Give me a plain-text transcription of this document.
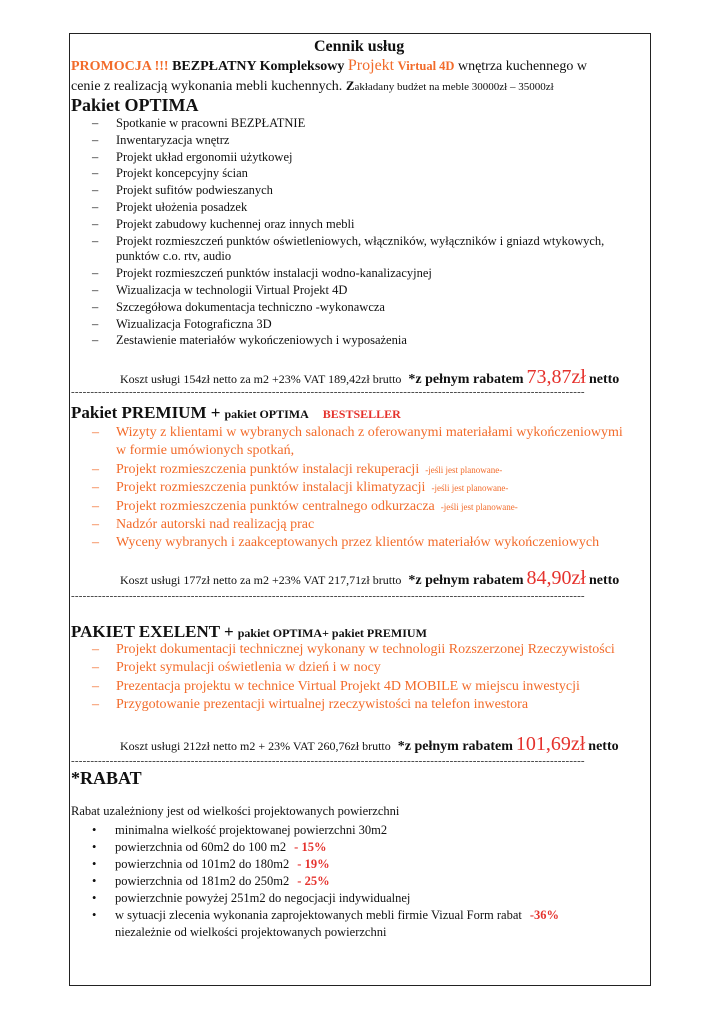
Cennik usług
PROMOCJA !!! BEZPŁATNY Kompleksowy Projekt Virtual 4D wnętrza kuchennego w
cenie z realizacją wykonania mebli kuchennych. Zakładany budżet na meble 30000zł – 35000zł
Pakiet OPTIMA
– Spotkanie w pracowni BEZPŁATNIE
– Inwentaryzacja wnętrz
– Projekt układ ergonomii użytkowej
– Projekt koncepcyjny ścian
– Projekt sufitów podwieszanych
– Projekt ułożenia posadzek
– Projekt zabudowy kuchennej oraz innych mebli
– Projekt rozmieszczeń punktów oświetleniowych, włączników, wyłączników i gniazd wtykowych,
punktów c.o. rtv, audio
– Projekt rozmieszczeń punktów instalacji wodno-kanalizacyjnej
– Wizualizacja w technologii Virtual Projekt 4D
– Szczegółowa dokumentacja techniczno -wykonawcza
– Wizualizacja Fotograficzna 3D
– Zestawienie materiałów wykończeniowych i wyposażenia
Koszt usługi 154zł netto za m2 +23% VAT 189,42zł brutto *z pełnym rabatem 73,87zł netto
-------------------------------------------------------------------------------------------------------------------------------------
Pakiet PREMIUM + pakiet OPTIMA BESTSELLER
– Wizyty z klientami w wybranych salonach z oferowanymi materiałami wykończeniowymi
w formie umówionych spotkań,
– Projekt rozmieszczenia punktów instalacji rekuperacji -jeśli jest planowane-
– Projekt rozmieszczenia punktów instalacji klimatyzacji -jeśli jest planowane-
– Projekt rozmieszczenia punktów centralnego odkurzacza -jeśli jest planowane-
– Nadzór autorski nad realizacją prac
– Wyceny wybranych i zaakceptowanych przez klientów materiałów wykończeniowych
Koszt usługi 177zł netto za m2 +23% VAT 217,71zł brutto *z pełnym rabatem 84,90zł netto
-------------------------------------------------------------------------------------------------------------------------------------
PAKIET EXELENT + pakiet OPTIMA+ pakiet PREMIUM
– Projekt dokumentacji technicznej wykonany w technologii Rozszerzonej Rzeczywistości
– Projekt symulacji oświetlenia w dzień i w nocy
– Prezentacja projektu w technice Virtual Projekt 4D MOBILE w miejscu inwestycji
– Przygotowanie prezentacji wirtualnej rzeczywistości na telefon inwestora
Koszt usługi 212zł netto m2 + 23% VAT 260,76zł brutto *z pełnym rabatem 101,69zł netto
-------------------------------------------------------------------------------------------------------------------------------------
*RABAT
Rabat uzależniony jest od wielkości projektowanych powierzchni
• minimalna wielkość projektowanej powierzchni 30m2
• powierzchnia od 60m2 do 100 m2 - 15%
• powierzchnia od 101m2 do 180m2 - 19%
• powierzchnia od 181m2 do 250m2 - 25%
• powierzchnie powyżej 251m2 do negocjacji indywidualnej
• w sytuacji zlecenia wykonania zaprojektowanych mebli firmie Vizual Form rabat -36%
niezależnie od wielkości projektowanych powierzchni
